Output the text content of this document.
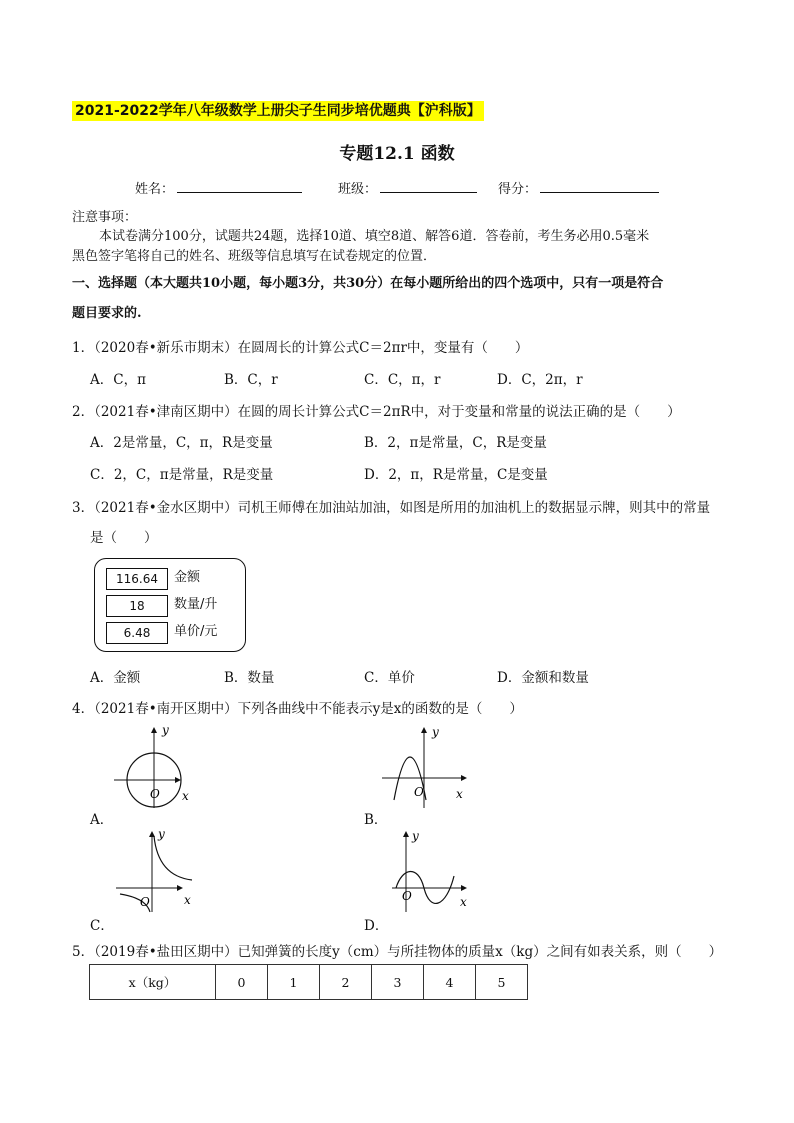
2021-2022学年八年级数学上册尖子生同步培优题典【沪科版】
专题12.1 函数
姓名：	班级：	得分：
注意事项：
本试卷满分100分，试题共24题，选择10道、填空8道、解答6道．答卷前，考生务必用0.5毫米
黑色签字笔将自己的姓名、班级等信息填写在试卷规定的位置．
一、选择题（本大题共10小题，每小题3分，共30分）在每小题所给出的四个选项中，只有一项是符合
题目要求的.
1．（2020春•新乐市期末）在圆周长的计算公式C＝2πr中，变量有（　　）
A．C，π	B．C，r	C．C，π，r	D．C，2π，r
2．（2021春•津南区期中）在圆的周长计算公式C＝2πR中，对于变量和常量的说法正确的是（　　）
A．2是常量，C，π，R是变量	B．2，π是常量，C，R是变量
C．2，C，π是常量，R是变量	D．2，π，R是常量，C是变量
3．（2021春•金水区期中）司机王师傅在加油站加油，如图是所用的加油机上的数据显示牌，则其中的常量
是（　　）
116.64	金额
18	数量/升
6.48	单价/元
A．金额	B．数量	C．单价	D．金额和数量
4．（2021春•南开区期中）下列各曲线中不能表示y是x的函数的是（　　）
y
x
O
A．
y
x
O
B．
y
x
O
C．
y
x
O
D．
5．（2019春•盐田区期中）已知弹簧的长度y（cm）与所挂物体的质量x（kg）之间有如表关系，则（　　）
x（kg）	0	1	2	3	4	5
